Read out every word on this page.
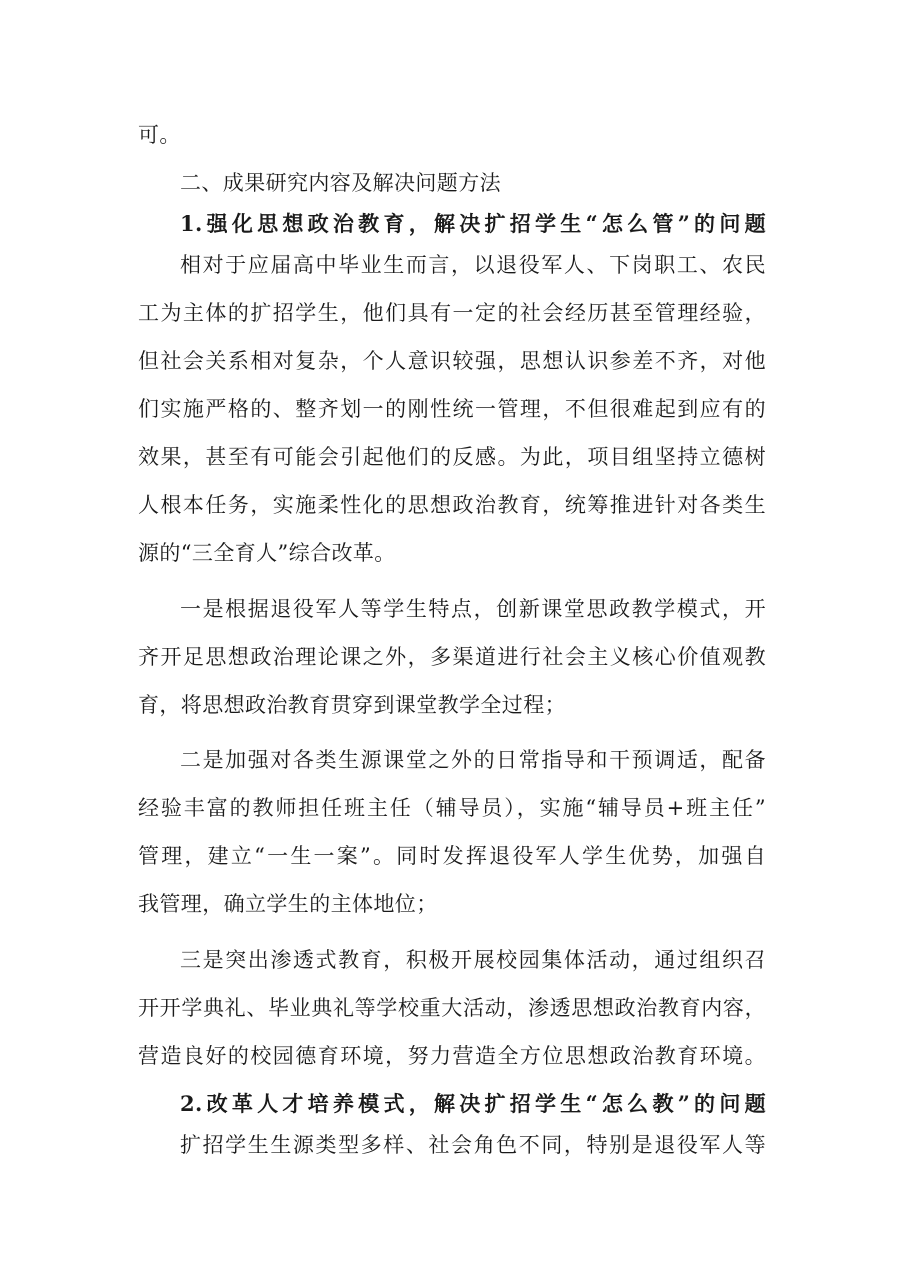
可。
二、成果研究内容及解决问题方法
1.强化思想政治教育，解决扩招学生“怎么管”的问题
相对于应届高中毕业生而言，以退役军人、下岗职工、农民
工为主体的扩招学生，他们具有一定的社会经历甚至管理经验，
但社会关系相对复杂，个人意识较强，思想认识参差不齐，对他
们实施严格的、整齐划一的刚性统一管理，不但很难起到应有的
效果，甚至有可能会引起他们的反感。为此，项目组坚持立德树
人根本任务，实施柔性化的思想政治教育，统筹推进针对各类生
源的“三全育人”综合改革。
一是根据退役军人等学生特点，创新课堂思政教学模式，开
齐开足思想政治理论课之外，多渠道进行社会主义核心价值观教
育，将思想政治教育贯穿到课堂教学全过程；
二是加强对各类生源课堂之外的日常指导和干预调适，配备
经验丰富的教师担任班主任（辅导员），实施“辅导员+班主任”
管理，建立“一生一案”。同时发挥退役军人学生优势，加强自
我管理，确立学生的主体地位；
三是突出渗透式教育，积极开展校园集体活动，通过组织召
开开学典礼、毕业典礼等学校重大活动，渗透思想政治教育内容，
营造良好的校园德育环境，努力营造全方位思想政治教育环境。
2.改革人才培养模式，解决扩招学生“怎么教”的问题
扩招学生生源类型多样、社会角色不同，特别是退役军人等
